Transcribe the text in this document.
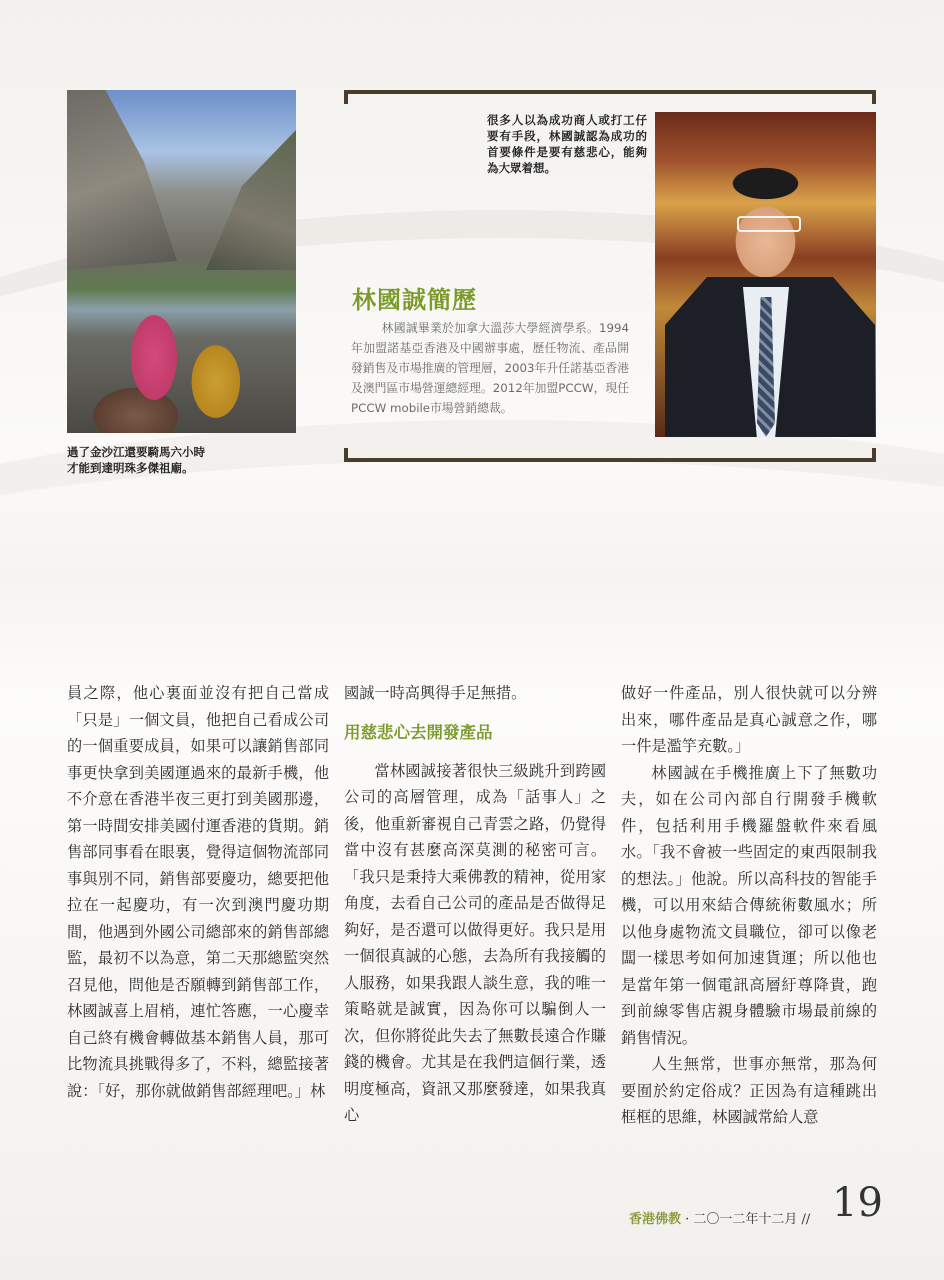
過了金沙江還要騎馬六小時
才能到達明珠多傑祖廟。
很多人以為成功商人或打工仔要有手段，林國誠認為成功的首要條件是要有慈悲心，能夠為大眾着想。
林國誠簡歷
林國誠畢業於加拿大溫莎大學經濟學系。1994年加盟諾基亞香港及中國辦事處，歷任物流、產品開發銷售及市場推廣的管理層，2003年升任諾基亞香港及澳門區市場營運總經理。2012年加盟PCCW，現任PCCW mobile市場營銷總裁。

員之際，他心裏面並沒有把自己當成「只是」一個文員，他把自己看成公司的一個重要成員，如果可以讓銷售部同事更快拿到美國運過來的最新手機，他不介意在香港半夜三更打到美國那邊，第一時間安排美國付運香港的貨期。銷售部同事看在眼裏，覺得這個物流部同事與別不同，銷售部要慶功，總要把他拉在一起慶功，有一次到澳門慶功期間，他遇到外國公司總部來的銷售部總監，最初不以為意，第二天那總監突然召見他，問他是否願轉到銷售部工作，林國誠喜上眉梢，連忙答應，一心慶幸自己終有機會轉做基本銷售人員，那可比物流具挑戰得多了，不料，總監接著說：「好，那你就做銷售部經理吧。」林

國誠一時高興得手足無措。

用慈悲心去開發產品

當林國誠接著很快三級跳升到跨國公司的高層管理，成為「話事人」之後，他重新審視自己青雲之路，仍覺得當中沒有甚麼高深莫測的秘密可言。「我只是秉持大乘佛教的精神，從用家角度，去看自己公司的產品是否做得足夠好，是否還可以做得更好。我只是用一個很真誠的心態，去為所有我接觸的人服務，如果我跟人談生意，我的唯一策略就是誠實，因為你可以騙倒人一次，但你將從此失去了無數長遠合作賺錢的機會。尤其是在我們這個行業，透明度極高，資訊又那麼發達，如果我真心

做好一件產品，別人很快就可以分辨出來，哪件產品是真心誠意之作，哪一件是濫竽充數。」

林國誠在手機推廣上下了無數功夫，如在公司內部自行開發手機軟件，包括利用手機羅盤軟件來看風水。「我不會被一些固定的東西限制我的想法。」他說。所以高科技的智能手機，可以用來結合傳統術數風水；所以他身處物流文員職位，卻可以像老闆一樣思考如何加速貨運；所以他也是當年第一個電訊高層紆尊降貴，跑到前線零售店親身體驗市場最前線的銷售情況。

人生無常，世事亦無常，那為何要囿於約定俗成？正因為有這種跳出框框的思維，林國誠常給人意

香港佛教 · 二〇一二年十二月 // 19
